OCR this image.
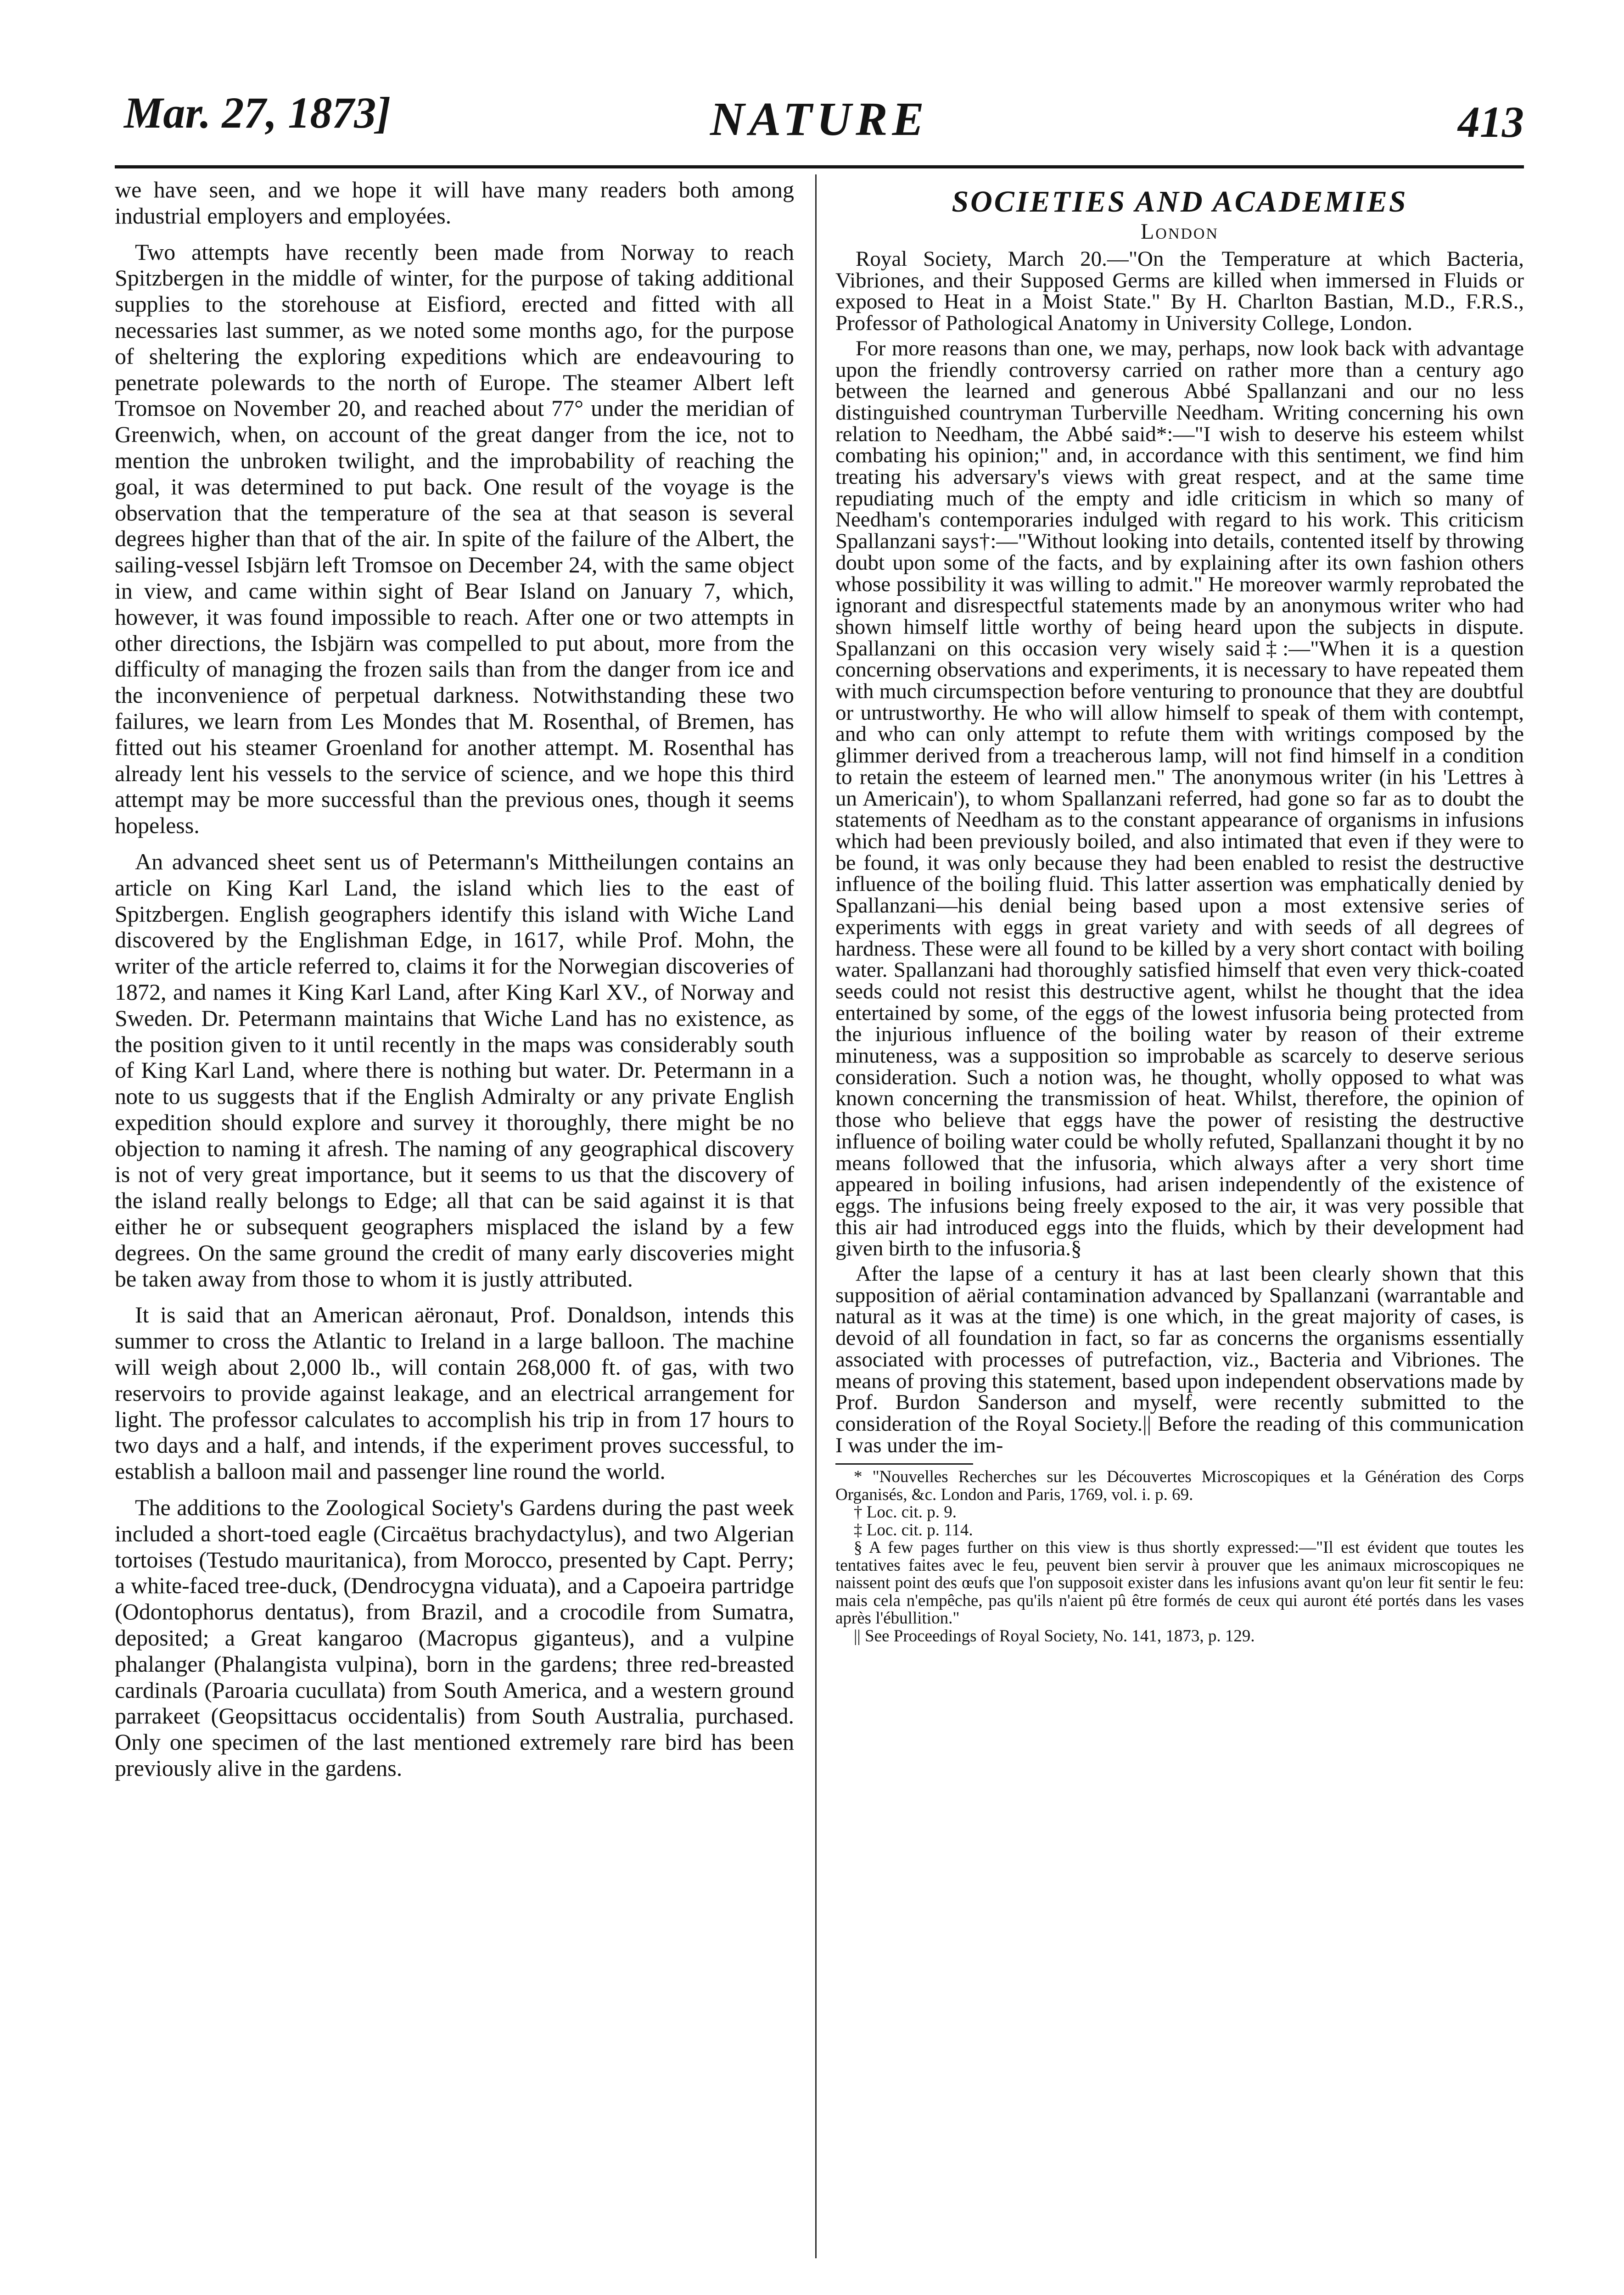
Mar. 27, 1873]	NATURE	413

we have seen, and we hope it will have many readers both among industrial employers and employées.

Two attempts have recently been made from Norway to reach Spitzbergen in the middle of winter, for the purpose of taking additional supplies to the storehouse at Eisfiord, erected and fitted with all necessaries last summer, as we noted some months ago, for the purpose of sheltering the exploring expeditions which are endeavouring to penetrate polewards to the north of Europe. The steamer Albert left Tromsoe on November 20, and reached about 77° under the meridian of Greenwich, when, on account of the great danger from the ice, not to mention the unbroken twilight, and the improbability of reaching the goal, it was determined to put back. One result of the voyage is the observation that the temperature of the sea at that season is several degrees higher than that of the air. In spite of the failure of the Albert, the sailing-vessel Isbjärn left Tromsoe on December 24, with the same object in view, and came within sight of Bear Island on January 7, which, however, it was found impossible to reach. After one or two attempts in other directions, the Isbjärn was compelled to put about, more from the difficulty of managing the frozen sails than from the danger from ice and the inconvenience of perpetual darkness. Notwithstanding these two failures, we learn from Les Mondes that M. Rosenthal, of Bremen, has fitted out his steamer Groenland for another attempt. M. Rosenthal has already lent his vessels to the service of science, and we hope this third attempt may be more successful than the previous ones, though it seems hopeless.

An advanced sheet sent us of Petermann's Mittheilungen contains an article on King Karl Land, the island which lies to the east of Spitzbergen. English geographers identify this island with Wiche Land discovered by the Englishman Edge, in 1617, while Prof. Mohn, the writer of the article referred to, claims it for the Norwegian discoveries of 1872, and names it King Karl Land, after King Karl XV., of Norway and Sweden. Dr. Petermann maintains that Wiche Land has no existence, as the position given to it until recently in the maps was considerably south of King Karl Land, where there is nothing but water. Dr. Petermann in a note to us suggests that if the English Admiralty or any private English expedition should explore and survey it thoroughly, there might be no objection to naming it afresh. The naming of any geographical discovery is not of very great importance, but it seems to us that the discovery of the island really belongs to Edge; all that can be said against it is that either he or subsequent geographers misplaced the island by a few degrees. On the same ground the credit of many early discoveries might be taken away from those to whom it is justly attributed.

It is said that an American aëronaut, Prof. Donaldson, intends this summer to cross the Atlantic to Ireland in a large balloon. The machine will weigh about 2,000 lb., will contain 268,000 ft. of gas, with two reservoirs to provide against leakage, and an electrical arrangement for light. The professor calculates to accomplish his trip in from 17 hours to two days and a half, and intends, if the experiment proves successful, to establish a balloon mail and passenger line round the world.

The additions to the Zoological Society's Gardens during the past week included a short-toed eagle (Circaëtus brachydactylus), and two Algerian tortoises (Testudo mauritanica), from Morocco, presented by Capt. Perry; a white-faced tree-duck, (Dendrocygna viduata), and a Capoeira partridge (Odontophorus dentatus), from Brazil, and a crocodile from Sumatra, deposited; a Great kangaroo (Macropus giganteus), and a vulpine phalanger (Phalangista vulpina), born in the gardens; three red-breasted cardinals (Paroaria cucullata) from South America, and a western ground parrakeet (Geopsittacus occidentalis) from South Australia, purchased. Only one specimen of the last mentioned extremely rare bird has been previously alive in the gardens.

SOCIETIES AND ACADEMIES
London

Royal Society, March 20.—"On the Temperature at which Bacteria, Vibriones, and their Supposed Germs are killed when immersed in Fluids or exposed to Heat in a Moist State." By H. Charlton Bastian, M.D., F.R.S., Professor of Pathological Anatomy in University College, London.

For more reasons than one, we may, perhaps, now look back with advantage upon the friendly controversy carried on rather more than a century ago between the learned and generous Abbé Spallanzani and our no less distinguished countryman Turberville Needham. Writing concerning his own relation to Needham, the Abbé said*:—"I wish to deserve his esteem whilst combating his opinion;" and, in accordance with this sentiment, we find him treating his adversary's views with great respect, and at the same time repudiating much of the empty and idle criticism in which so many of Needham's contemporaries indulged with regard to his work. This criticism Spallanzani says†:—"Without looking into details, contented itself by throwing doubt upon some of the facts, and by explaining after its own fashion others whose possibility it was willing to admit." He moreover warmly reprobated the ignorant and disrespectful statements made by an anonymous writer who had shown himself little worthy of being heard upon the subjects in dispute. Spallanzani on this occasion very wisely said‡:—"When it is a question concerning observations and experiments, it is necessary to have repeated them with much circumspection before venturing to pronounce that they are doubtful or untrustworthy. He who will allow himself to speak of them with contempt, and who can only attempt to refute them with writings composed by the glimmer derived from a treacherous lamp, will not find himself in a condition to retain the esteem of learned men." The anonymous writer (in his 'Lettres à un Americain'), to whom Spallanzani referred, had gone so far as to doubt the statements of Needham as to the constant appearance of organisms in infusions which had been previously boiled, and also intimated that even if they were to be found, it was only because they had been enabled to resist the destructive influence of the boiling fluid. This latter assertion was emphatically denied by Spallanzani—his denial being based upon a most extensive series of experiments with eggs in great variety and with seeds of all degrees of hardness. These were all found to be killed by a very short contact with boiling water. Spallanzani had thoroughly satisfied himself that even very thick-coated seeds could not resist this destructive agent, whilst he thought that the idea entertained by some, of the eggs of the lowest infusoria being protected from the injurious influence of the boiling water by reason of their extreme minuteness, was a supposition so improbable as scarcely to deserve serious consideration. Such a notion was, he thought, wholly opposed to what was known concerning the transmission of heat. Whilst, therefore, the opinion of those who believe that eggs have the power of resisting the destructive influence of boiling water could be wholly refuted, Spallanzani thought it by no means followed that the infusoria, which always after a very short time appeared in boiling infusions, had arisen independently of the existence of eggs. The infusions being freely exposed to the air, it was very possible that this air had introduced eggs into the fluids, which by their development had given birth to the infusoria.§

After the lapse of a century it has at last been clearly shown that this supposition of aërial contamination advanced by Spallanzani (warrantable and natural as it was at the time) is one which, in the great majority of cases, is devoid of all foundation in fact, so far as concerns the organisms essentially associated with processes of putrefaction, viz., Bacteria and Vibriones. The means of proving this statement, based upon independent observations made by Prof. Burdon Sanderson and myself, were recently submitted to the consideration of the Royal Society.|| Before the reading of this communication I was under the im-

* "Nouvelles Recherches sur les Découvertes Microscopiques et la Génération des Corps Organisés, &c. London and Paris, 1769, vol. i. p. 69.

† Loc. cit. p. 9.

‡ Loc. cit. p. 114.

§ A few pages further on this view is thus shortly expressed:—"Il est évident que toutes les tentatives faites avec le feu, peuvent bien servir à prouver que les animaux microscopiques ne naissent point des œufs que l'on supposoit exister dans les infusions avant qu'on leur fit sentir le feu: mais cela n'empêche, pas qu'ils n'aient pû être formés de ceux qui auront été portés dans les vases après l'ébullition."

|| See Proceedings of Royal Society, No. 141, 1873, p. 129.
